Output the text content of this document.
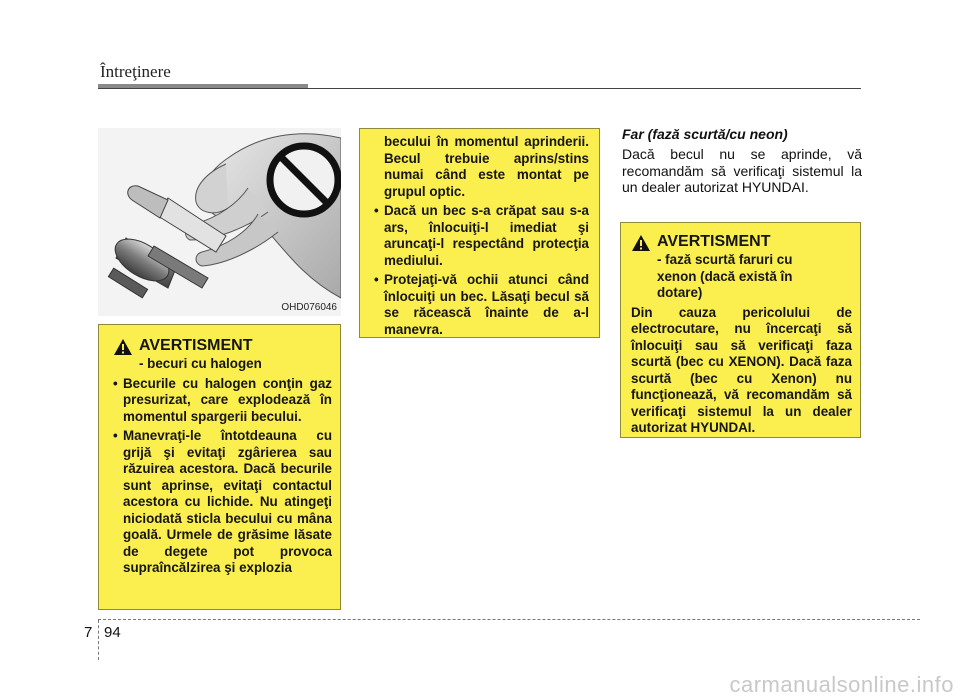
Întreţinere
OHD076046
AVERTISMENT
- becuri cu halogen
• Becurile cu halogen conţin gaz presurizat, care explodează în momentul spargerii becului.
• Manevraţi-le întotdeauna cu grijă şi evitaţi zgârierea sau răzuirea acestora. Dacă becurile sunt aprinse, evitaţi contactul acestora cu lichide. Nu atingeţi niciodată sticla becului cu mâna goală. Urmele de grăsime lăsate de degete pot provoca supraîncălzirea şi explozia

becului în momentul aprinderii. Becul trebuie aprins/stins numai când este montat pe grupul optic.

• Dacă un bec s-a crăpat sau s-a ars, înlocuiţi-l imediat şi aruncaţi-l respectând protecţia mediului.
• Protejaţi-vă ochii atunci când înlocuiţi un bec. Lăsaţi becul să se răcească înainte de a-l manevra.
Far (fază scurtă/cu neon)
Dacă becul nu se aprinde, vă recomandăm să verificaţi sistemul la un dealer autorizat HYUNDAI.
AVERTISMENT
- fază scurtă faruri cu xenon (dacă există în dotare)

Din cauza pericolului de electrocutare, nu încercaţi să înlocuiţi sau să verificaţi faza scurtă (bec cu XENON). Dacă faza scurtă (bec cu Xenon) nu funcţionează, vă recomandăm să verificaţi sistemul la un dealer autorizat HYUNDAI.

7 94
carmanualsonline.info
